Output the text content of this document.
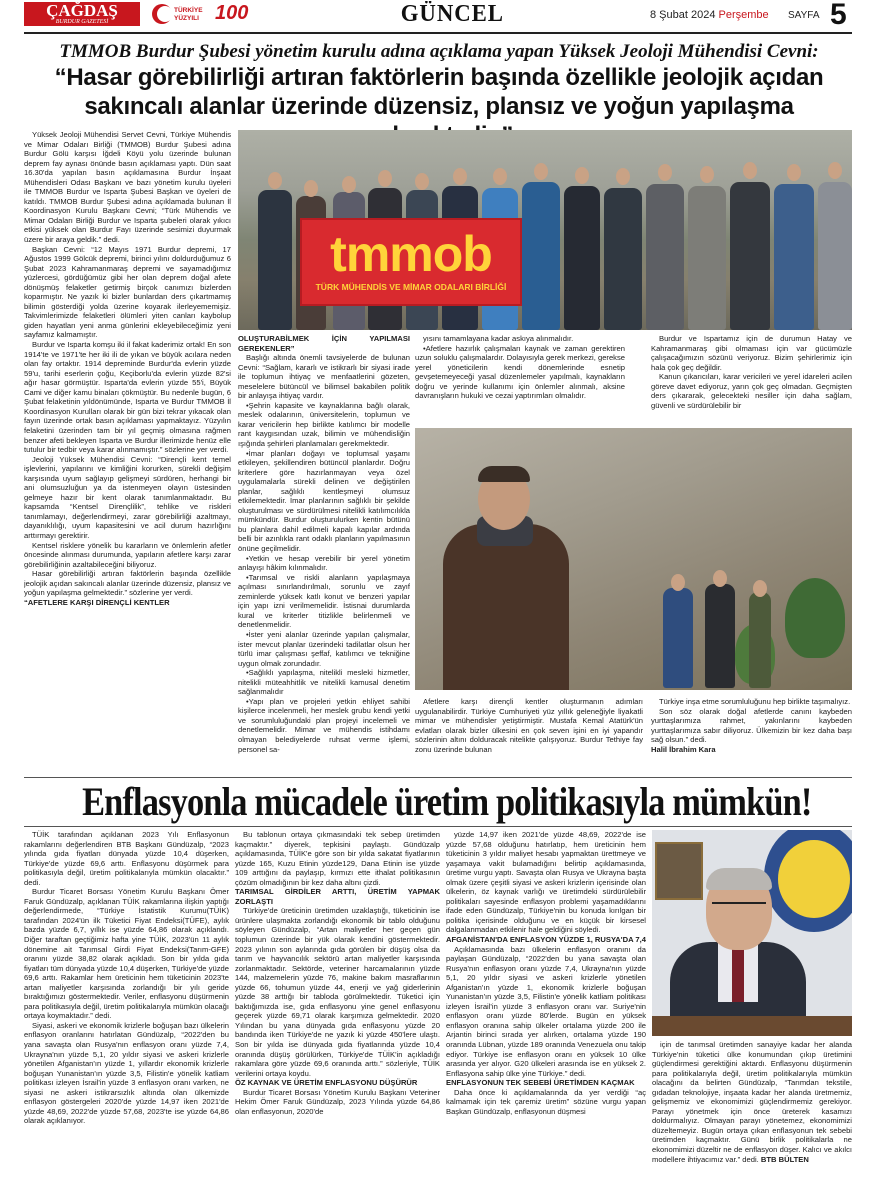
ÇAĞDAŞ
BURDUR GAZETESİ
TÜRKİYE
YÜZYILI 100	GÜNCEL	8 Şubat 2024 Perşembe SAYFA 5
TMMOB Burdur Şubesi yönetim kurulu adına açıklama yapan Yüksek Jeoloji Mühendisi Cevni:
“Hasar görebilirliği artıran faktörlerin başında özellikle jeolojik açıdan sakıncalı alanlar üzerinde düzensiz, plansız ve yoğun yapılaşma
tmmob
TÜRK MÜHENDİS VE MİMAR ODALARI BİRLİĞİ

Yüksek Jeoloji Mühendisi Servet Cevni, Türkiye Mühendis ve Mimar Odaları Birliği (TMMOB) Burdur Şubesi adına Burdur Gölü karşısı İğdeli Köyü yolu üzerinde bulunan deprem fay aynası önünde basın açıklaması yaptı. Dün saat 16.30'da yapılan basın açıklamasına Burdur İnşaat Mühendisleri Odası Başkanı ve bazı yönetim kurulu üyeleri ile TMMOB Burdur ve Isparta Şubesi Başkan ve üyeleri de katıldı. TMMOB Burdur Şubesi adına açıklamada bulunan İl Koordinasyon Kurulu Başkanı Cevni; “Türk Mühendis ve Mimar Odaları Birliği Burdur ve Isparta şubeleri olarak yıkıcı etkisi yüksek olan Burdur Fayı üzerinde sesimizi duyurmak üzere bir araya geldik.” dedi.

Başkan Cevni: “12 Mayıs 1971 Burdur depremi, 17 Ağustos 1999 Gölcük depremi, birinci yılını doldurduğumuz 6 Şubat 2023 Kahramanmaraş depremi ve sayamadığımız yüzlercesi, gördüğümüz gibi her olan deprem doğal afete dönüşmüş felaketler getirmiş birçok canımızı bizlerden koparmıştır. Ne yazık ki bizler bunlardan ders çıkartmamış bilimin gösterdiği yolda üzerine koyarak ilerleyememişiz. Takvimlerimizde felaketleri ölümleri yiten canları kaybolup giden hayatları yeni anma günlerini ekleyebileceğimiz yeni sayfamız kalmamıştır.

Burdur ve Isparta komşu iki il fakat kaderimiz ortak! En son 1914'te ve 1971'te her iki ili de yıkan ve büyük acılara neden olan fay ortaktır. 1914 depreminde Burdur'da evlerin yüzde 59'u, tarihi eserlerin çoğu, Keçiborlu'da evlerin yüzde 82'si ağır hasar görmüştür. Isparta'da evlerin yüzde 55'i, Büyük Cami ve diğer kamu binaları çökmüştür. Bu nedenle bugün, 6 Şubat felaketinin yıldönümünde, Isparta ve Burdur TMMOB İl Koordinasyon Kurulları olarak bir gün bizi tekrar yıkacak olan fayın üzerinde ortak basın açıklaması yapmaktayız. Yüzyılın felaketini üzerinden tam bir yıl geçmiş olmasına rağmen benzer afeti bekleyen Isparta ve Burdur illerimizde henüz elle tutulur bir tedbir veya karar alınmamıştır.” sözlerine yer verdi.

Jeoloji Yüksek Mühendisi Cevni: “Dirençli kent temel işlevlerini, yapılarını ve kimliğini korurken, sürekli değişim karşısında uyum sağlayıp gelişmeyi sürdüren, herhangi bir ani olumsuzluğun ya da istenmeyen olayın üstesinden gelmeye hazır bir kent olarak tanımlanmaktadır. Bu kapsamda “Kentsel Dirençlilik”, tehlike ve riskleri tanımlamayı, değerlendirmeyi, zarar görebilirliği azaltmayı, dayanıklılığı, uyum kapasitesini ve acil durum hazırlığını arttırmayı gerektirir.

Kentsel risklere yönelik bu kararların ve önlemlerin afetler öncesinde alınması durumunda, yapıların afetlere karşı zarar görebilirliğinin azaltabileceğini biliyoruz.

Hasar görebilirliği artıran faktörlerin başında özellikle jeolojik açıdan sakıncalı alanlar üzerinde düzensiz, plansız ve yoğun yapılaşma gelmektedir.” sözlerine yer verdi.

“AFETLERE KARŞI DİRENÇLİ KENTLER

OLUŞTURABİLMEK İÇİN YAPILMASI GEREKENLER”

Başlığı altında önemli tavsiyelerde de bulunan Cevni: “Sağlam, kararlı ve istikrarlı bir siyasi irade ile toplumun ihtiyaç ve menfaatlerini gözeten, meselelere bütüncül ve bilimsel bakabilen politik bir anlayışa ihtiyaç vardır.

•Şehrin kapasite ve kaynaklarına bağlı olarak, meslek odalarının, üniversitelerin, toplumun ve karar vericilerin hep birlikte katılımcı bir modelle rant kaygısından uzak, bilimin ve mühendisliğin ışığında şehirleri planlamaları gerekmektedir.

•İmar planları doğayı ve toplumsal yaşamı etkileyen, şekillendiren bütüncül planlardır. Doğru kriterlere göre hazırlanmayan veya özel uygulamalarla sürekli delinen ve değiştirilen planlar, sağlıklı kentleşmeyi olumsuz etkilemektedir. İmar planlarının sağlıklı bir şekilde oluşturulması ve sürdürülmesi nitelikli katılımcılıkla mümkündür. Burdur oluşturulurken kentin bütünü bu planlara dahil edilmeli kapalı kapılar ardında belli bir azınlıkla rant odaklı planların yapılmasının önüne geçilmelidir.

•Yetkin ve hesap verebilir bir yerel yönetim anlayışı hâkim kılınmalıdır.

•Tarımsal ve riskli alanların yapılaşmaya açılması sınırlandırılmalı, sorunlu ve zayıf zeminlerde yüksek katlı konut ve benzeri yapılar için yapı izni verilmemelidir. İstisnai durumlarda kural ve kriterler titizlikle belirlenmeli ve denetlenmelidir.

•İster yeni alanlar üzerinde yapılan çalışmalar, ister mevcut planlar üzerindeki tadilatlar olsun her türlü imar çalışması şeffaf, katılımcı ve tekniğine uygun olmak zorundadır.

•Sağlıklı yapılaşma, nitelikli mesleki hizmetler, nitelikli müteahhitlik ve nitelikli kamusal denetim sağlanmalıdır

•Yapı plan ve projeleri yetkin ehliyet sahibi kişilerce incelenmeli, her meslek grubu kendi yetki ve sorumluluğundaki plan projeyi incelemeli ve denetlemelidir. Mimar ve mühendis istihdamı olmayan belediyelerde ruhsat verme işlemi, personel sa-

yısını tamamlayana kadar askıya alınmalıdır.

•Afetlere hazırlık çalışmaları kaynak ve zaman gerektiren uzun soluklu çalışmalardır. Dolayısıyla gerek merkezi, gerekse yerel yöneticilerin kendi dönemlerinde esnetip gevşetemeyeceği yasal düzenlemeler yapılmalı, kaynakların doğru ve yerinde kullanımı için önlemler alınmalı, aksine davranışların hukuki ve cezai yaptırımları olmalıdır.

Burdur ve Ispartamız için de durumun Hatay ve Kahramanmaraş gibi olmaması için var gücümüzle çalışacağımızın sözünü veriyoruz. Bizim şehirlerimiz için hala çok geç değildir.

Kanun çıkarıcıları, karar vericileri ve yerel idareleri acilen göreve davet ediyoruz, yarın çok geç olmadan. Geçmişten ders çıkararak, gelecekteki nesiller için daha sağlam, güvenli ve sürdürülebilir bir

Afetlere karşı dirençli kentler oluşturmanın adımları uygulanabilirdir. Türkiye Cumhuriyeti yüz yıllık geleneğiyle liyakatli mimar ve mühendisler yetiştirmiştir. Mustafa Kemal Atatürk'ün evlatları olarak bizler ülkesini en çok seven işini en iyi yapandır sözlerinin altını dolduracak nitelikte çalışıyoruz. Burdur Tethiye fay zonu üzerinde bulunan

Türkiye inşa etme sorumluluğunu hep birlikte taşımalıyız.

Son söz olarak doğal afetlerde canını kaybeden yurttaşlarımıza rahmet, yakınlarını kaybeden yurttaşlarımıza sabır diliyoruz. Ülkemizin bir kez daha başı sağ olsun.” dedi.

Halil İbrahim Kara

Enflasyonla mücadele üretim politikasıyla mümkün!

TÜİK tarafından açıklanan 2023 Yılı Enflasyonun rakamlarını değerlendiren BTB Başkanı Gündüzalp, “2023 yılında gıda fiyatları dünyada yüzde 10,4 düşerken, Türkiye'de yüzde 69,6 arttı. Enflasyonu düşürmek para politikasıyla değil, üretim politikalarıyla mümkün olacaktır.” dedi.

Burdur Ticaret Borsası Yönetim Kurulu Başkanı Ömer Faruk Gündüzalp, açıklanan TÜİK rakamlarına ilişkin yaptığı değerlendirmede, “Türkiye İstatistik Kurumu(TÜİK) tarafından 2024'ün ilk Tüketici Fiyat Endeksi(TÜFE), aylık bazda yüzde 6,7, yıllık ise yüzde 64,86 olarak açıklandı. Diğer taraftan geçtiğimiz hafta yine TÜİK, 2023'ün 11 aylık dönemine ait Tarımsal Girdi Fiyat Endeksi(Tarım-GFE) oranını yüzde 38,82 olarak açıkladı. Son bir yılda gıda fiyatları tüm dünyada yüzde 10,4 düşerken, Türkiye'de yüzde 69,6 arttı. Rakamlar hem üreticinin hem tüketicinin 2023'te artan maliyetler karşısında zorlandığı bir yılı geride bıraktığımızı göstermektedir. Veriler, enflasyonu düşürmenin para politikasıyla değil, üretim politikalarıyla mümkün olacağı ortaya koymaktadır.” dedi.

Siyasi, askeri ve ekonomik krizlerle boğuşan bazı ülkelerin enflasyon oranlarını hatırlatan Gündüzalp, “2022'den bu yana savaşta olan Rusya'nın enflasyon oranı yüzde 7,4, Ukrayna'nın yüzde 5,1, 20 yıldır siyasi ve askeri krizlerle yönetilen Afganistan'ın yüzde 1, yıllardır ekonomik krizlerle boğuşan Yunanistan'ın yüzde 3,5, Filistin'e yönelik katliam politikası izleyen İsrail'in yüzde 3 enflasyon oranı varken, ne siyasi ne askeri istikrarsızlık altında olan ülkemizde enflasyon göstergeleri 2020'de yüzde 14,97 iken 2021'de yüzde 48,69, 2022'de yüzde 57,68, 2023'te ise yüzde 64,86 olarak açıklanıyor.

Bu tablonun ortaya çıkmasındaki tek sebep üretimden kaçmaktır.” diyerek, tepkisini paylaştı. Gündüzalp açıklamasında, TÜİK'e göre son bir yılda sakatat fiyatlarının yüzde 165, Kuzu Etinin yüzde129, Dana Etinin ise yüzde 109 arttığını da paylaşıp, kırmızı ette ithalat politikasının çözüm olmadığının bir kez daha altını çizdi.

TARIMSAL GİRDİLER ARTTI, ÜRETİM YAPMAK ZORLAŞTI

Türkiye'de üreticinin üretimden uzaklaştığı, tüketicinin ise ürünlere ulaşmakta zorlandığı ekonomik bir tablo olduğunu söyleyen Gündüzalp, “Artan maliyetler her geçen gün toplumun üzerinde bir yük olarak kendini göstermektedir. 2023 yılının son aylarında gıda görülen bir düşüş olsa da tarım ve hayvancılık sektörü artan maliyetler karşısında zorlanmaktadır. Sektörde, veteriner harcamalarının yüzde 144, malzemelerin yüzde 76, makine bakım masraflarının yüzde 66, tohumun yüzde 44, enerji ve yağ giderlerinin yüzde 38 arttığı bir tabloda görülmektedir. Tüketici için baktığımızda ise, gıda enflasyonu yine genel enflasyonu geçerek yüzde 69,71 olarak karşımıza gelmektedir. 2020 Yılından bu yana dünyada gıda enflasyonu yüzde 20 bandında iken Türkiye'de ne yazık ki yüzde 450'lere ulaştı. Son bir yılda ise dünyada gıda fiyatlarında yüzde 10,4 oranında düşüş görülürken, Türkiye'de TÜİK'in açıkladığı rakamlara göre yüzde 69,6 oranında arttı.” sözleriyle, TÜİK verilerini ortaya koydu.

ÖZ KAYNAK VE ÜRETİM ENFLASYONU DÜŞÜRÜR

Burdur Ticaret Borsası Yönetim Kurulu Başkanı Veteriner Hekim Ömer Faruk Gündüzalp, 2023 Yılında yüzde 64,86 olan enflasyonun, 2020'de

yüzde 14,97 iken 2021'de yüzde 48,69, 2022'de ise yüzde 57,68 olduğunu hatırlatıp, hem üreticinin hem tüketicinin 3 yıldır maliyet hesabı yapmaktan ürettmeye ve yaşamaya vakit bulamadığını belirtip açıklamasında, üretime vurgu yaptı. Savaşta olan Rusya ve Ukrayna başta olmak üzere çeşitli siyasi ve askeri krizlerin içerisinde olan ülkelerin, öz kaynak varlığı ve üretimdeki sürdürülebilir politikaları sayesinde enflasyon problemi yaşamadıklarını ifade eden Gündüzalp, Türkiye'nin bu konuda kırılgan bir politika içerisinde olduğunu ve en küçük bir kirsesel dalgalanmadan etkilenir hale geldiğini söyledi.

AFGANİSTAN'DA ENFLASYON YÜZDE 1, RUSYA'DA 7,4

Açıklamasında bazı ülkelerin enflasyon oranını da paylaşan Gündüzalp, “2022'den bu yana savaşta olan Rusya'nın enflasyon oranı yüzde 7,4, Ukrayna'nın yüzde 5,1, 20 yıldır siyasi ve askeri krizlerle yönetilen Afganistan'ın yüzde 1, ekonomik krizlerle boğuşan Yunanistan'ın yüzde 3,5, Filistin'e yönelik katliam politikası izleyen İsrail'in yüzde 3 enflasyon oranı var. Suriye'nin enflasyon oranı yüzde 80'lerde. Bugün en yüksek enflasyon oranına sahip ülkeler ortalama yüzde 200 ile Arjantin birinci sırada yer alırken, ortalama yüzde 190 oranında Lübnan, yüzde 189 oranında Venezuela onu takip ediyor. Türkiye ise enflasyon oranı en yüksek 10 ülke arasında yer alıyor. G20 ülkeleri arasında ise en yüksek 2. Enflasyona sahip ülke yine Türkiye.” dedi.

ENFLASYONUN TEK SEBEBİ ÜRETİMDEN KAÇMAK

Daha önce ki açıklamalarında da yer verdiği “aç kalmamak için tek çaremiz üretim” sözüne vurgu yapan Başkan Gündüzalp, enflasyonun düşmesi

için de tarımsal üretimden sanayiye kadar her alanda Türkiye'nin tüketici ülke konumundan çıkıp üretimini güçlendirmesi gerektiğini aktardı. Enflasyonu düşürmenin para politikalarıyla değil, üretim politikalarıyla mümkün olacağını da belirten Gündüzalp, “Tarımdan tekstile, gıdadan teknolojiye, inşaata kadar her alanda üretmemiz, gelişmemiz ve ekonomimizi güçlendirmemiz gerekiyor. Parayı yönetmek için önce üreterek kasamızı doldurmalıyız. Olmayan parayı yönetemez, ekonomimizi düzeltemeyiz. Bugün ortaya çıkan enflasyonun tek sebebi üretimden kaçmaktır. Günü birlik politikalarla ne ekonomimizi düzeltir ne de enflasyon düşer. Kalıcı ve akılcı modellere ihtiyacımız var.” dedi. BTB BÜLTEN
